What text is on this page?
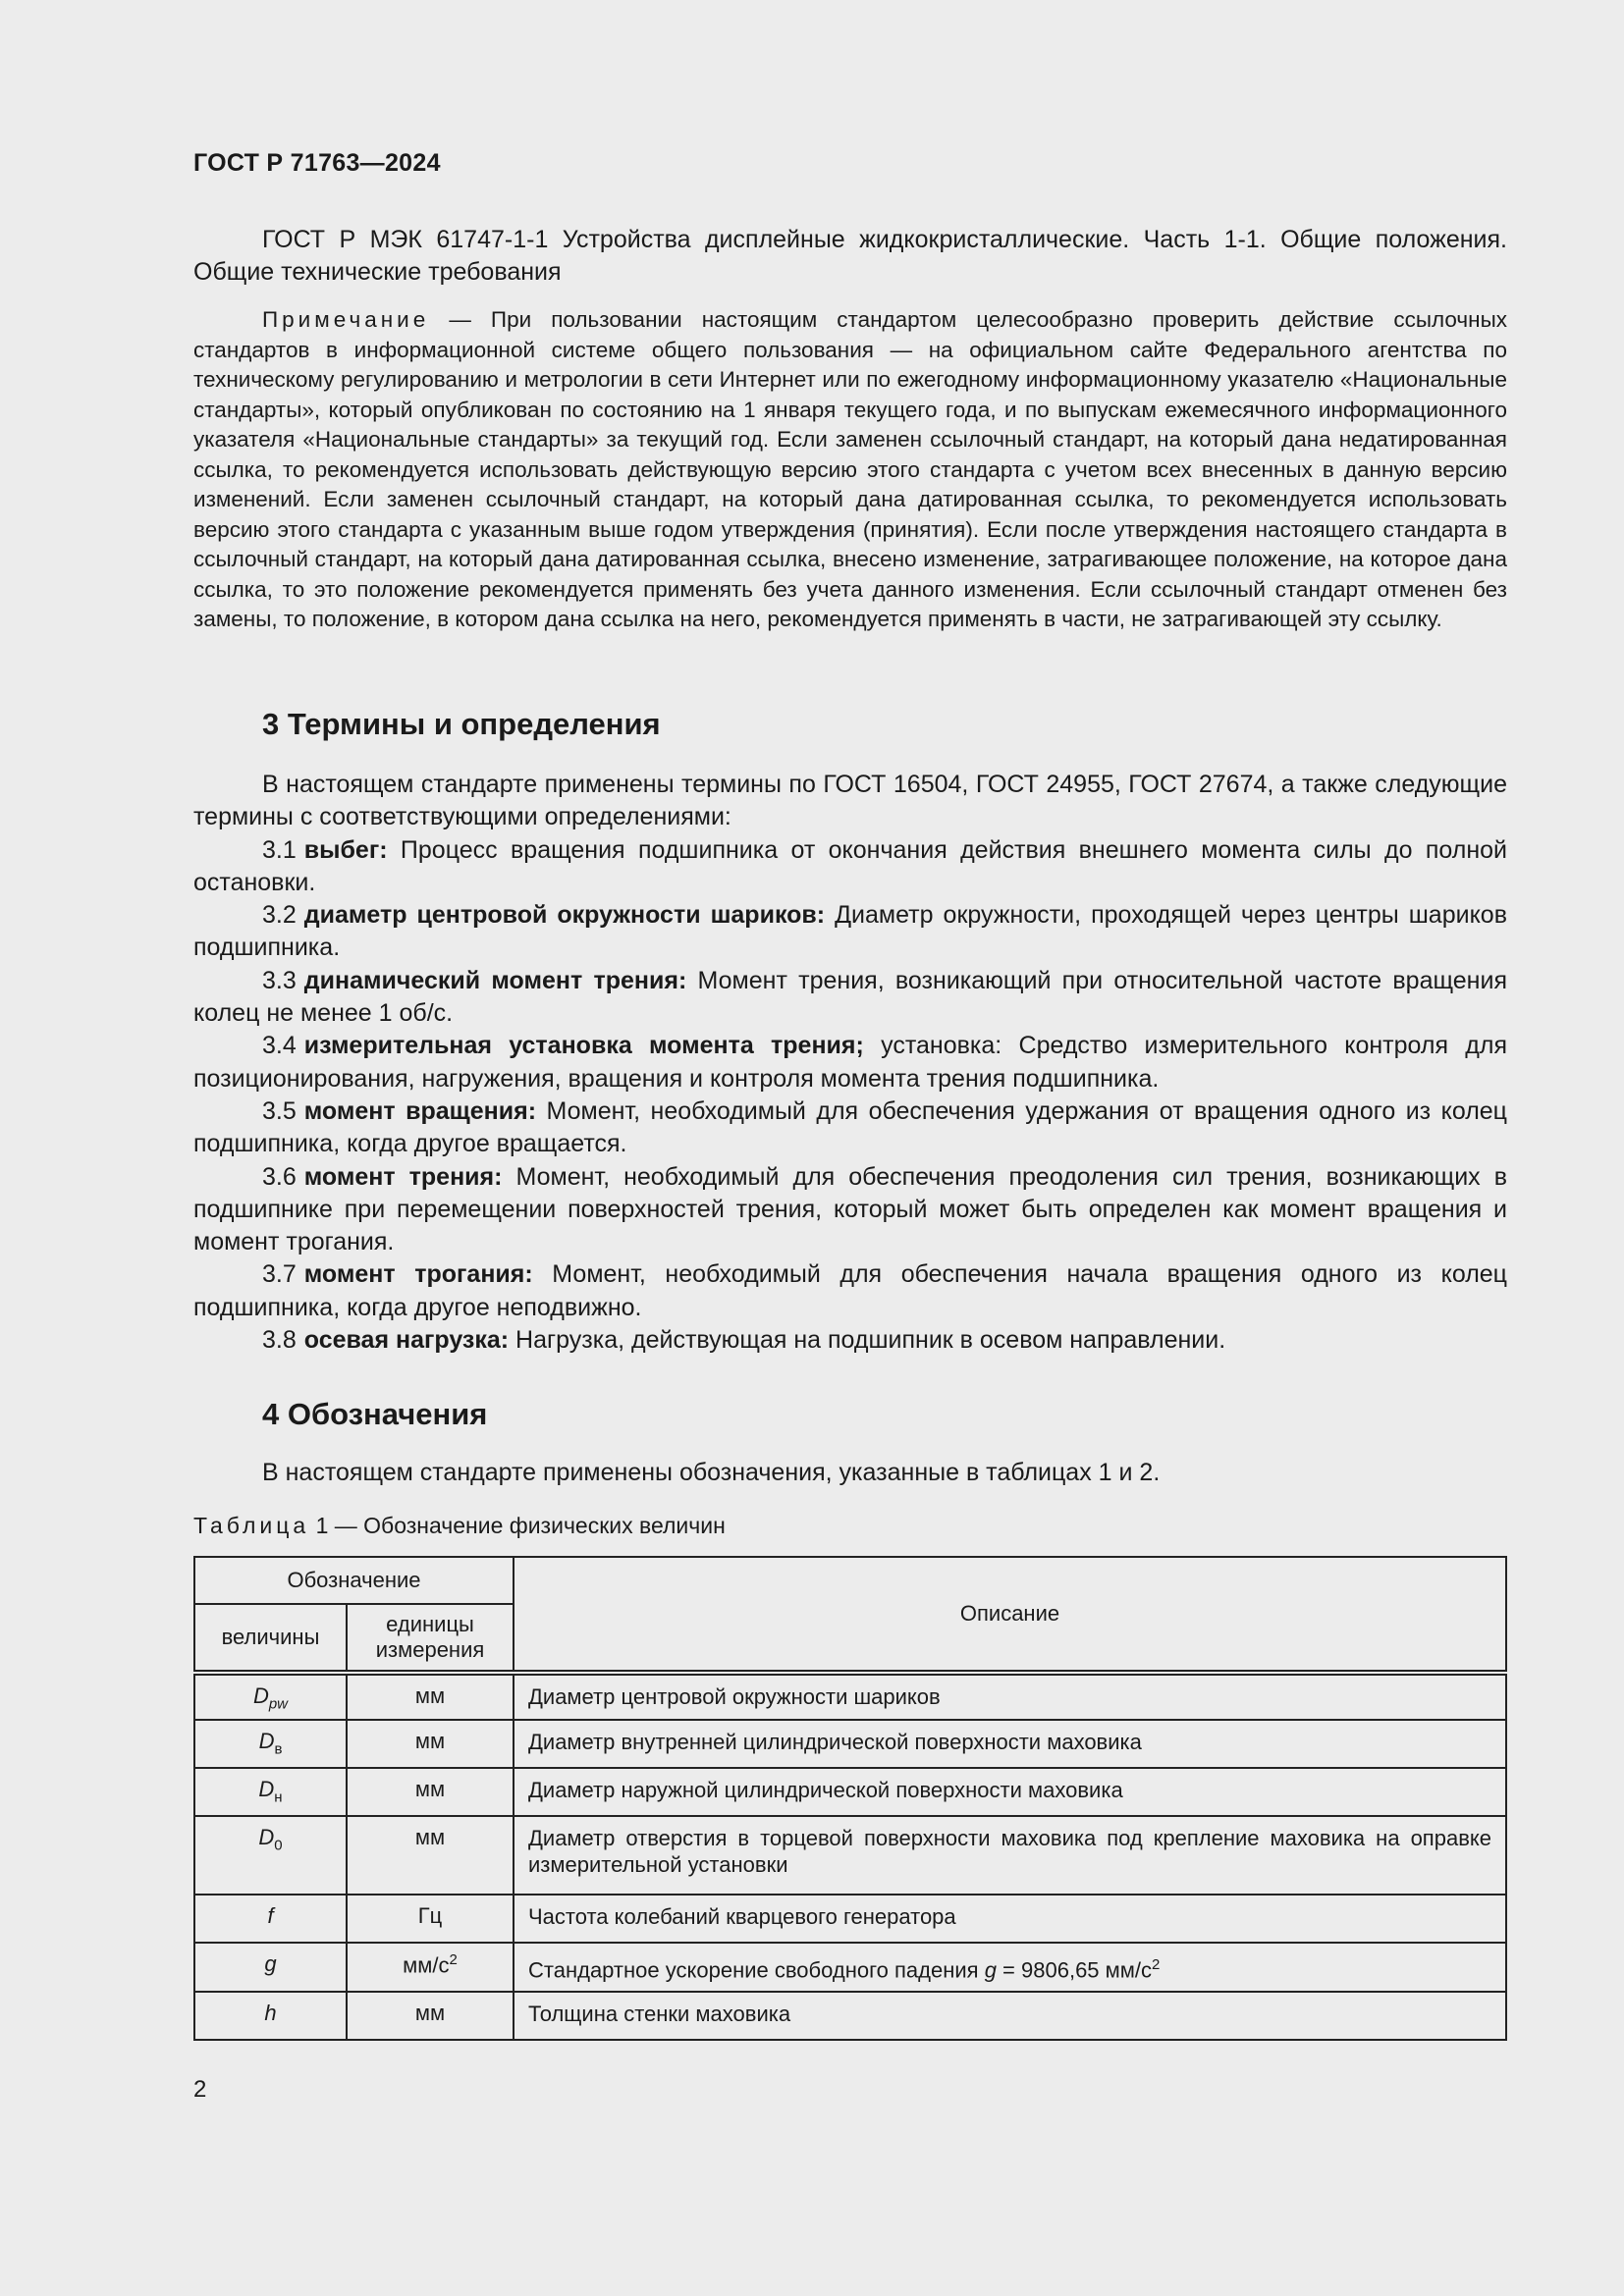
ГОСТ Р 71763—2024

ГОСТ Р МЭК 61747-1-1 Устройства дисплейные жидкокристаллические. Часть 1-1. Общие положения. Общие технические требования

Примечание — При пользовании настоящим стандартом целесообразно проверить действие ссылочных стандартов в информационной системе общего пользования — на официальном сайте Федерального агентства по техническому регулированию и метрологии в сети Интернет или по ежегодному информационному указателю «Национальные стандарты», который опубликован по состоянию на 1 января текущего года, и по выпускам ежемесячного информационного указателя «Национальные стандарты» за текущий год. Если заменен ссылочный стандарт, на который дана недатированная ссылка, то рекомендуется использовать действующую версию этого стандарта с учетом всех внесенных в данную версию изменений. Если заменен ссылочный стандарт, на который дана датированная ссылка, то рекомендуется использовать версию этого стандарта с указанным выше годом утверждения (принятия). Если после утверждения настоящего стандарта в ссылочный стандарт, на который дана датированная ссылка, внесено изменение, затрагивающее положение, на которое дана ссылка, то это положение рекомендуется применять без учета данного изменения. Если ссылочный стандарт отменен без замены, то положение, в котором дана ссылка на него, рекомендуется применять в части, не затрагивающей эту ссылку.

3 Термины и определения

В настоящем стандарте применены термины по ГОСТ 16504, ГОСТ 24955, ГОСТ 27674, а также следующие термины с соответствующими определениями:

3.1 выбег: Процесс вращения подшипника от окончания действия внешнего момента силы до полной остановки.

3.2 диаметр центровой окружности шариков: Диаметр окружности, проходящей через центры шариков подшипника.

3.3 динамический момент трения: Момент трения, возникающий при относительной частоте вращения колец не менее 1 об/с.

3.4 измерительная установка момента трения; установка: Средство измерительного контроля для позиционирования, нагружения, вращения и контроля момента трения подшипника.

3.5 момент вращения: Момент, необходимый для обеспечения удержания от вращения одного из колец подшипника, когда другое вращается.

3.6 момент трения: Момент, необходимый для обеспечения преодоления сил трения, возникающих в подшипнике при перемещении поверхностей трения, который может быть определен как момент вращения и момент трогания.

3.7 момент трогания: Момент, необходимый для обеспечения начала вращения одного из колец подшипника, когда другое неподвижно.

3.8 осевая нагрузка: Нагрузка, действующая на подшипник в осевом направлении.

4 Обозначения

В настоящем стандарте применены обозначения, указанные в таблицах 1 и 2.

Таблица 1 — Обозначение физических величин
Обозначение		Описание
величины	единицы
измерения	
$D_{pw}$	мм	Диаметр центровой окружности шариков
$D_в$	мм	Диаметр внутренней цилиндрической поверхности маховика
$D_н$	мм	Диаметр наружной цилиндрической поверхности маховика
$D_0$	мм	Диаметр отверстия в торцевой поверхности маховика под крепление маховика на оправке измерительной установки
f	Гц	Частота колебаний кварцевого генератора
g	$мм/с^2$	Стандартное ускорение свободного падения g = 9806,65 $мм/с^2$
h	мм	Толщина стенки маховика
2
